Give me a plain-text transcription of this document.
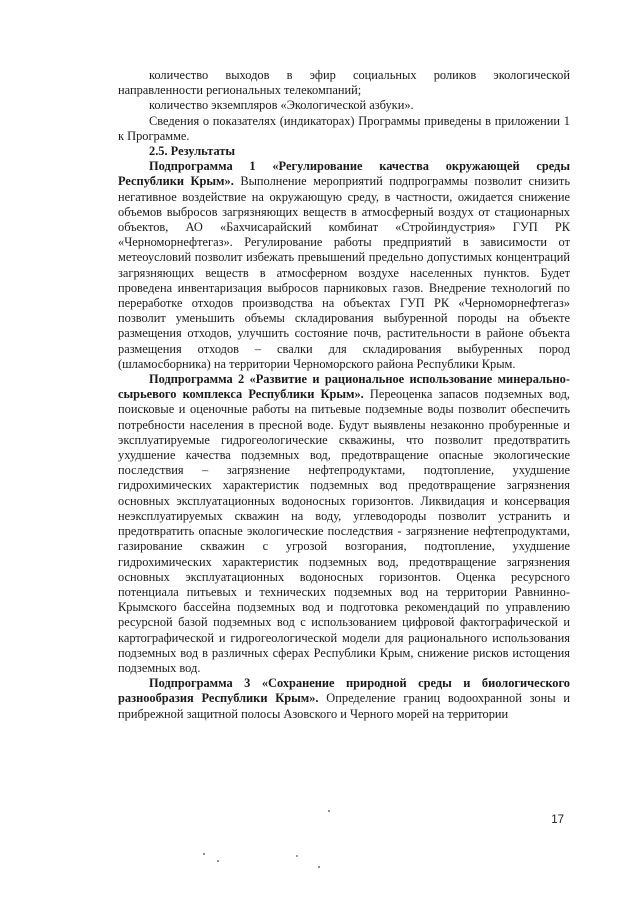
количество выходов в эфир социальных роликов экологической направленности региональных телекомпаний;

количество экземпляров «Экологической азбуки».

Сведения о показателях (индикаторах) Программы приведены в приложении 1 к Программе.

2.5. Результаты

Подпрограмма 1 «Регулирование качества окружающей среды Республики Крым». Выполнение мероприятий подпрограммы позволит снизить негативное воздействие на окружающую среду, в частности, ожидается снижение объемов выбросов загрязняющих веществ в атмосферный воздух от стационарных объектов, АО «Бахчисарайский комбинат «Стройиндустрия» ГУП РК «Черноморнефтегаз». Регулирование работы предприятий в зависимости от метеоусловий позволит избежать превышений предельно допустимых концентраций загрязняющих веществ в атмосферном воздухе населенных пунктов. Будет проведена инвентаризация выбросов парниковых газов. Внедрение технологий по переработке отходов производства на объектах ГУП РК «Черноморнефтегаз» позволит уменьшить объемы складирования выбуренной породы на объекте размещения отходов, улучшить состояние почв, растительности в районе объекта размещения отходов – свалки для складирования выбуренных пород (шламосборника) на территории Черноморского района Республики Крым.

Подпрограмма 2 «Развитие и рациональное использование минерально-сырьевого комплекса Республики Крым». Переоценка запасов подземных вод, поисковые и оценочные работы на питьевые подземные воды позволит обеспечить потребности населения в пресной воде. Будут выявлены незаконно пробуренные и эксплуатируемые гидрогеологические скважины, что позволит предотвратить ухудшение качества подземных вод, предотвращение опасные экологические последствия – загрязнение нефтепродуктами, подтопление, ухудшение гидрохимических характеристик подземных вод предотвращение загрязнения основных эксплуатационных водоносных горизонтов. Ликвидация и консервация неэксплуатируемых скважин на воду, углеводороды позволит устранить и предотвратить опасные экологические последствия - загрязнение нефтепродуктами, газирование скважин с угрозой возгорания, подтопление, ухудшение гидрохимических характеристик подземных вод, предотвращение загрязнения основных эксплуатационных водоносных горизонтов. Оценка ресурсного потенциала питьевых и технических подземных вод на территории Равнинно-Крымского бассейна подземных вод и подготовка рекомендаций по управлению ресурсной базой подземных вод с использованием цифровой фактографической и картографической и гидрогеологической модели для рационального использования подземных вод в различных сферах Республики Крым, снижение рисков истощения подземных вод.

Подпрограмма 3 «Сохранение природной среды и биологического разнообразия Республики Крым». Определение границ водоохранной зоны и прибрежной защитной полосы Азовского и Черного морей на территории

17
